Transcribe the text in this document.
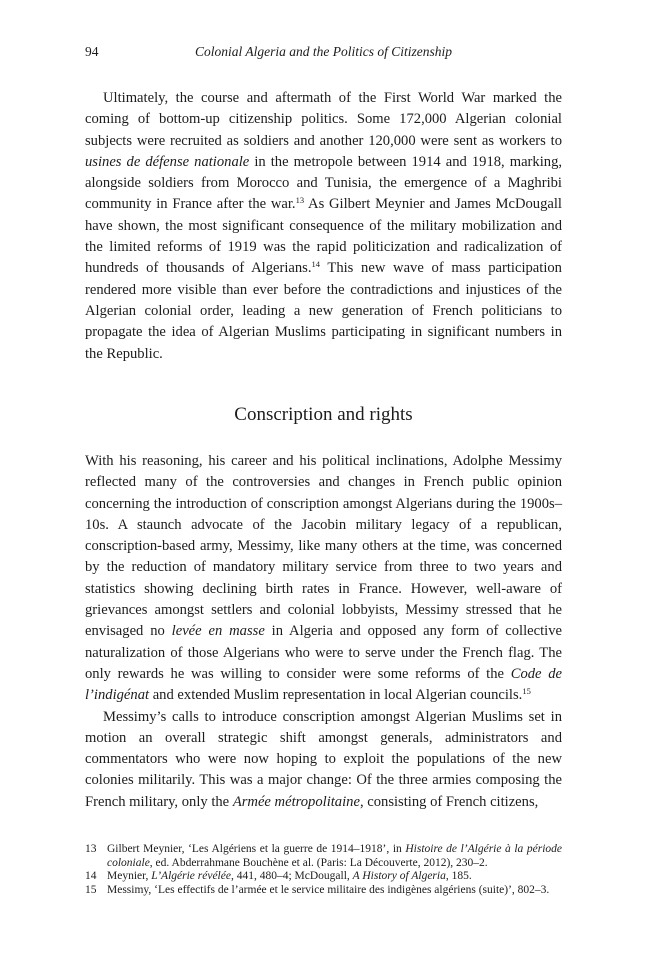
94	Colonial Algeria and the Politics of Citizenship

Ultimately, the course and aftermath of the First World War marked the coming of bottom-up citizenship politics. Some 172,000 Algerian colonial subjects were recruited as soldiers and another 120,000 were sent as workers to usines de défense nationale in the metropole between 1914 and 1918, marking, alongside soldiers from Morocco and Tunisia, the emergence of a Maghribi community in France after the war.$^{13}$ As Gilbert Meynier and James McDougall have shown, the most significant consequence of the military mobilization and the limited reforms of 1919 was the rapid politicization and radicalization of hundreds of thousands of Algerians.$^{14}$ This new wave of mass participation rendered more visible than ever before the contradictions and injustices of the Algerian colonial order, leading a new generation of French politicians to propagate the idea of Algerian Muslims participating in significant numbers in the Republic.

Conscription and rights

With his reasoning, his career and his political inclinations, Adolphe Messimy reflected many of the controversies and changes in French public opinion concerning the introduction of conscription amongst Algerians during the 1900s–10s. A staunch advocate of the Jacobin military legacy of a republican, conscription-based army, Messimy, like many others at the time, was concerned by the reduction of mandatory military service from three to two years and statistics showing declining birth rates in France. However, well-aware of grievances amongst settlers and colonial lobbyists, Messimy stressed that he envisaged no levée en masse in Algeria and opposed any form of collective naturalization of those Algerians who were to serve under the French flag. The only rewards he was willing to consider were some reforms of the Code de l’indigénat and extended Muslim representation in local Algerian councils.$^{15}$

Messimy’s calls to introduce conscription amongst Algerian Muslims set in motion an overall strategic shift amongst generals, administrators and commentators who were now hoping to exploit the populations of the new colonies militarily. This was a major change: Of the three armies composing the French military, only the Armée métropolitaine, consisting of French citizens,

13 Gilbert Meynier, ‘Les Algériens et la guerre de 1914–1918’, in Histoire de l’Algérie à la période coloniale, ed. Abderrahmane Bouchène et al. (Paris: La Découverte, 2012), 230–2.
14 Meynier, L’Algérie révélée, 441, 480–4; McDougall, A History of Algeria, 185.
15 Messimy, ‘Les effectifs de l’armée et le service militaire des indigènes algériens (suite)’, 802–3.
